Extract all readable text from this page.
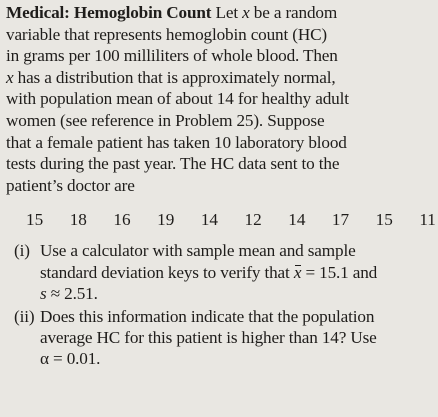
Medical: Hemoglobin Count Let x be a random
variable that represents hemoglobin count (HC)
in grams per 100 milliliters of whole blood. Then
x has a distribution that is approximately normal,
with population mean of about 14 for healthy adult
women (see reference in Problem 25). Suppose
that a female patient has taken 10 laboratory blood
tests during the past year. The HC data sent to the
patient’s doctor are
15 18 16 19 14 12 14 17 15 11
(i) Use a calculator with sample mean and sample
standard deviation keys to verify that x = 15.1 and
s ≈ 2.51.
(ii) Does this information indicate that the population
average HC for this patient is higher than 14? Use
α = 0.01.
